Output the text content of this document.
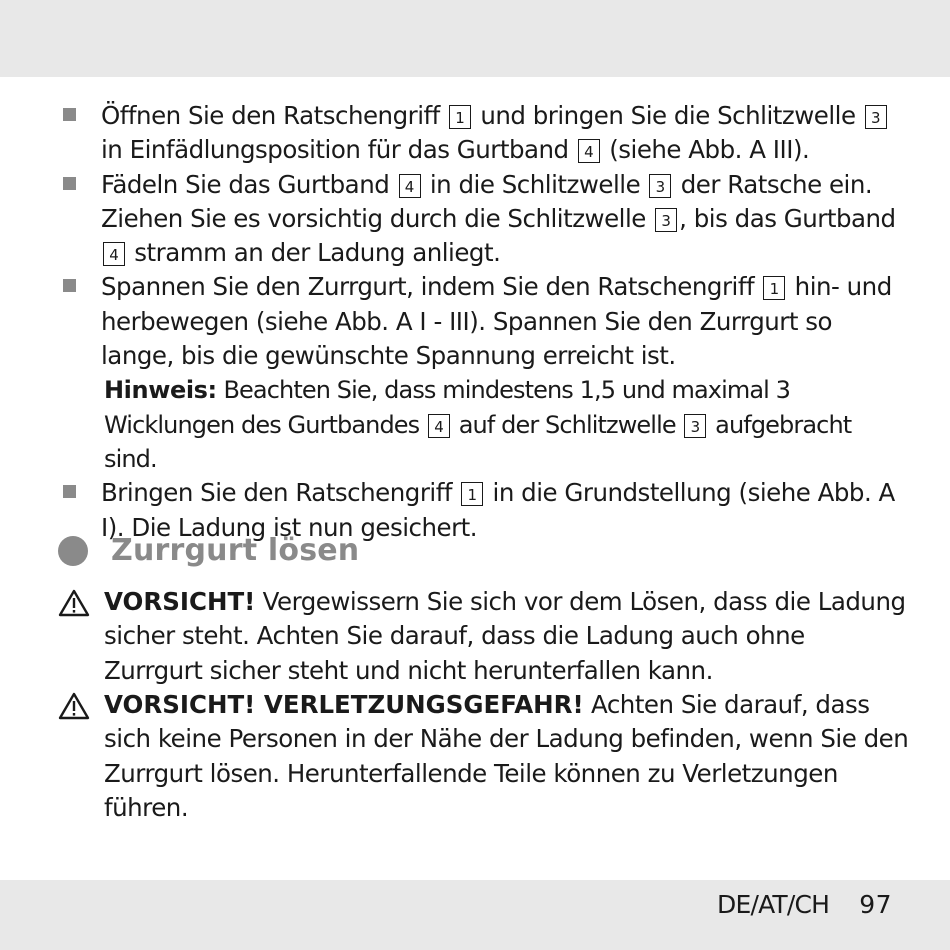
Öffnen Sie den Ratschengriff 1 und bringen Sie die Schlitzwelle 3 in Einfädlungsposition für das Gurtband 4 (siehe Abb. A III).
Fädeln Sie das Gurtband 4 in die Schlitzwelle 3 der Ratsche ein. Ziehen Sie es vorsichtig durch die Schlitzwelle 3 , bis das Gurtband 4 stramm an der Ladung anliegt.
Spannen Sie den Zurrgurt, indem Sie den Ratschengriff 1 hin- und herbewegen (siehe Abb. A I - III). Spannen Sie den Zurrgurt so lange, bis die gewünschte Spannung erreicht ist.
Hinweis: Beachten Sie, dass mindestens 1,5 und maximal 3 Wicklungen des Gurtbandes 4 auf der Schlitzwelle 3 aufgebracht sind.
Bringen Sie den Ratschengriff 1 in die Grundstellung (siehe Abb. A I). Die Ladung ist nun gesichert.
Zurrgurt lösen
VORSICHT! Vergewissern Sie sich vor dem Lösen, dass die Ladung sicher steht. Achten Sie darauf, dass die Ladung auch ohne Zurrgurt sicher steht und nicht herunterfallen kann.
VORSICHT! VERLETZUNGSGEFAHR! Achten Sie darauf, dass sich keine Personen in der Nähe der Ladung befinden, wenn Sie den Zurrgurt lösen. Herunterfallende Teile können zu Verletzungen führen.
DE/AT/CH 97
